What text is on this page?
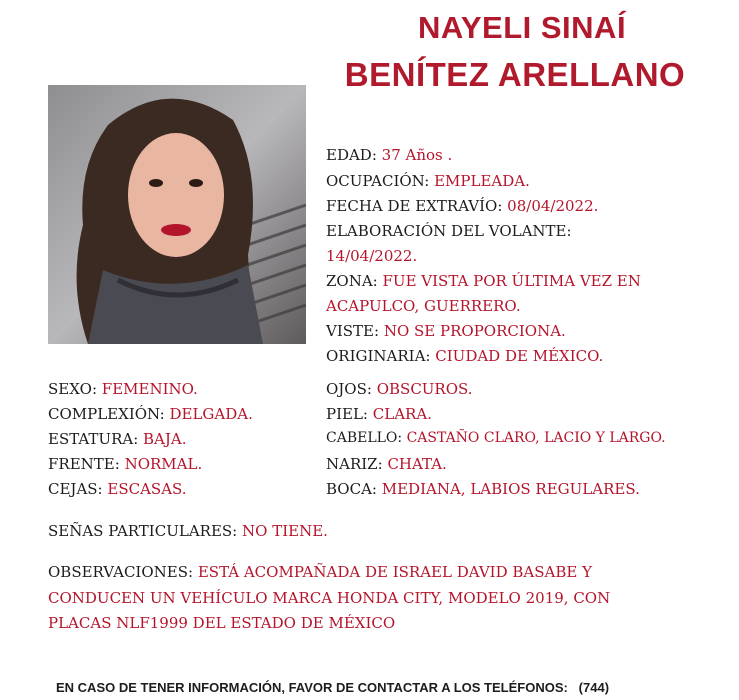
NAYELI SINAÍ
BENÍTEZ ARELLANO
EDAD: 37 Años .
OCUPACIÓN: EMPLEADA.
FECHA DE EXTRAVÍO: 08/04/2022.
ELABORACIÓN DEL VOLANTE:
14/04/2022.
ZONA: FUE VISTA POR ÚLTIMA VEZ EN
ACAPULCO, GUERRERO.
VISTE: NO SE PROPORCIONA.
ORIGINARIA: CIUDAD DE MÉXICO.
SEXO: FEMENINO.
COMPLEXIÓN: DELGADA.
ESTATURA: BAJA.
FRENTE: NORMAL.
CEJAS: ESCASAS.
OJOS: OBSCUROS.
PIEL: CLARA.
CABELLO: CASTAÑO CLARO, LACIO Y LARGO.
NARIZ: CHATA.
BOCA: MEDIANA, LABIOS REGULARES.
SEÑAS PARTICULARES: NO TIENE.
OBSERVACIONES: ESTÁ ACOMPAÑADA DE ISRAEL DAVID BASABE Y
CONDUCEN UN VEHÍCULO MARCA HONDA CITY, MODELO 2019, CON
PLACAS NLF1999 DEL ESTADO DE MÉXICO
EN CASO DE TENER INFORMACIÓN, FAVOR DE CONTACTAR A LOS TELÉFONOS: (744)
